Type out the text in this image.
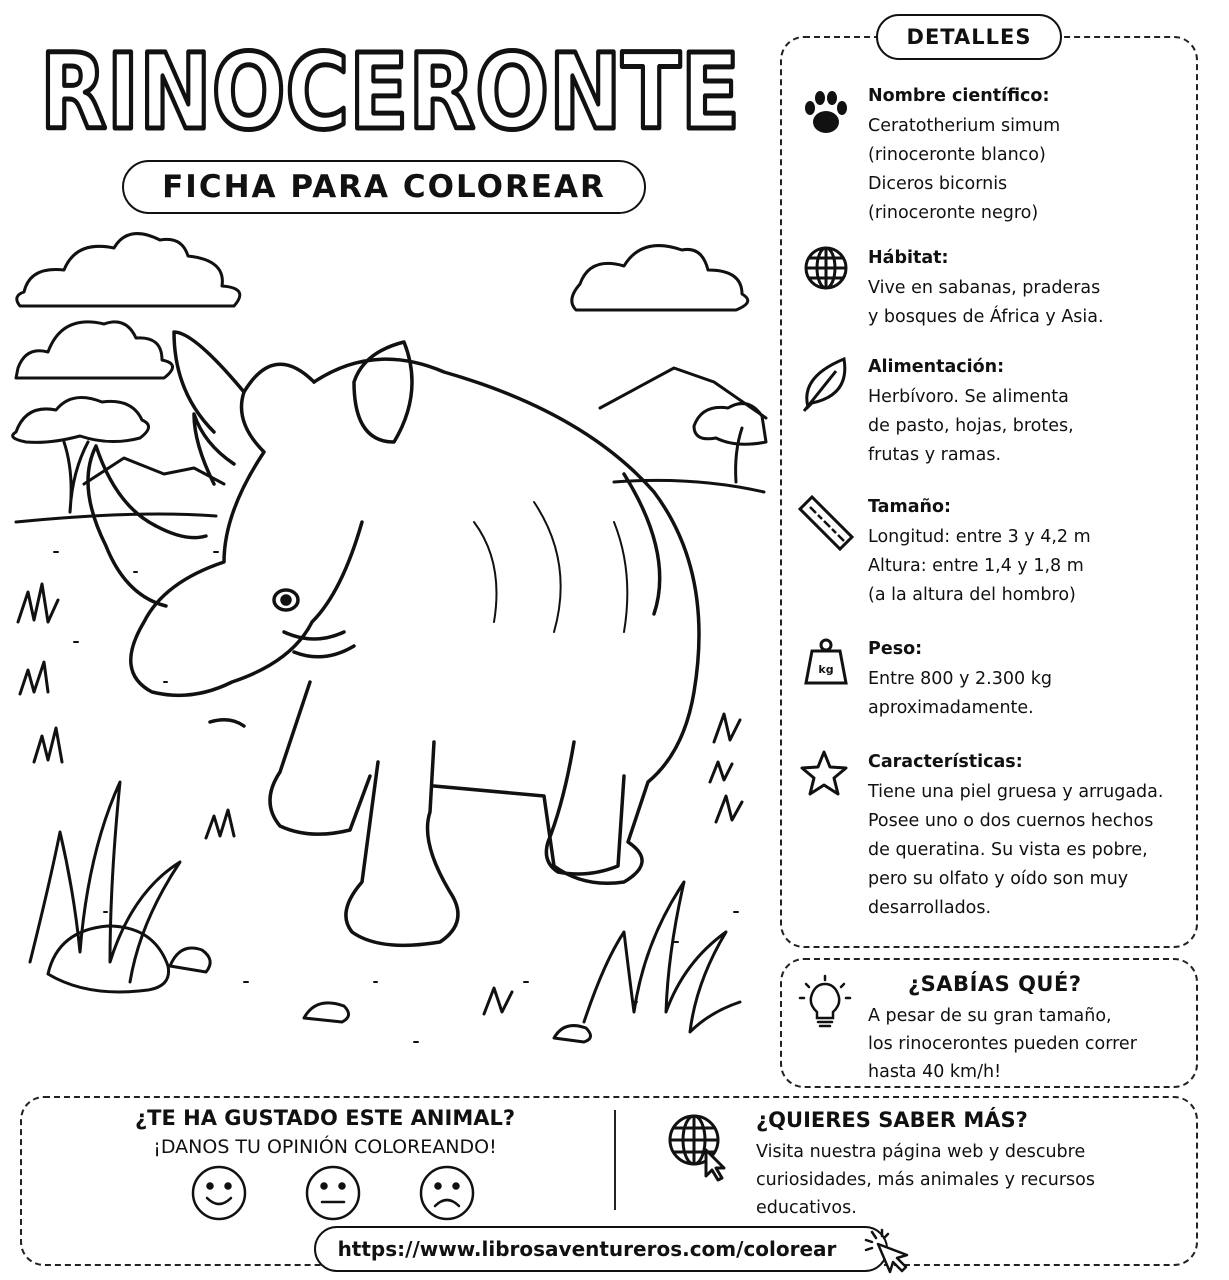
RINOCERONTE
FICHA PARA COLOREAR
DETALLES
Nombre científico:
Ceratotherium simum
(rinoceronte blanco)
Diceros bicornis
(rinoceronte negro)
Hábitat:
Vive en sabanas, praderas
y bosques de África y Asia.
Alimentación:
Herbívoro. Se alimenta
de pasto, hojas, brotes,
frutas y ramas.
Tamaño:
Longitud: entre 3 y 4,2 m
Altura: entre 1,4 y 1,8 m
(a la altura del hombro)
kg
Peso:
Entre 800 y 2.300 kg
aproximadamente.
Características:
Tiene una piel gruesa y arrugada.
Posee uno o dos cuernos hechos
de queratina. Su vista es pobre,
pero su olfato y oído son muy
desarrollados.
¿SABÍAS QUÉ?
A pesar de su gran tamaño,
los rinocerontes pueden correr
hasta 40 km/h!
¿TE HA GUSTADO ESTE ANIMAL?
¡DANOS TU OPINIÓN COLOREANDO!
¿QUIERES SABER MÁS?
Visita nuestra página web y descubre
curiosidades, más animales y recursos
educativos.
https://www.librosaventureros.com/colorear
